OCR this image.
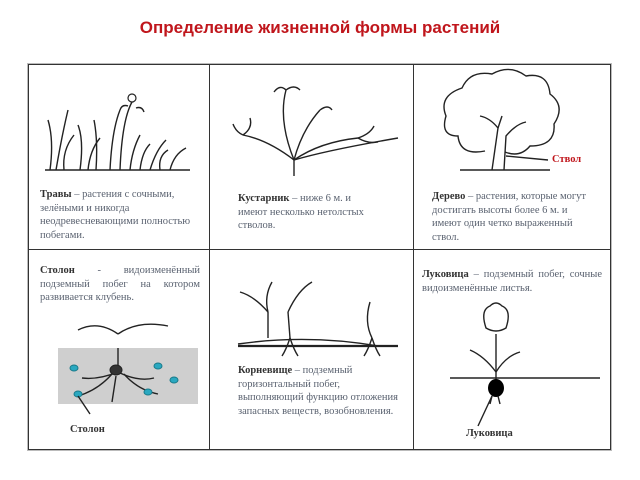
Определение жизненной формы растений
Травы – растения с сочными, зелёными и никогда неодревесневающими полностью побегами.
Кустарник – ниже 6 м. и имеют несколько нетолстых стволов.
Ствол
Дерево – растения, которые могут достигать высоты более 6 м. и имеют один четко выраженный ствол.
Столон - видоизменённый подземный побег на котором развивается клубень.
Столон
Корневище – подземный горизонтальный побег, выполняющий функцию отложения запасных веществ, возобновления.
Луковица – подземный побег, сочные видоизменённые листья.
Луковица
